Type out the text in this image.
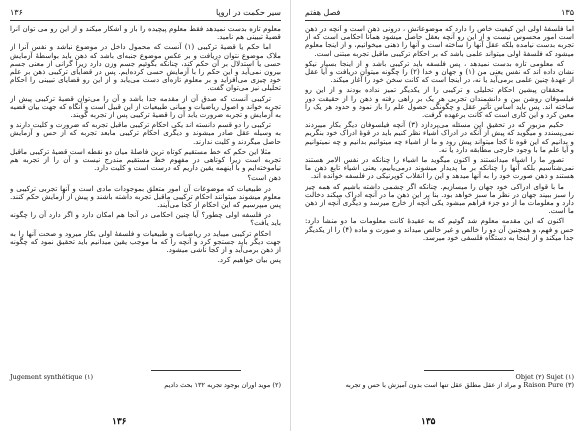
۱۳۶	سیر حکمت در اروپا

معلوم تازه بدست نمیدهد فقط معلوم پیچیده را باز و آشکار میکند و از این رو می توان آنرا قضیهٔ تبیینی هم نامید.

اما حکم یا قضیهٔ ترکیبی (۱) آنست که محمول داخل در موضوع نباشد و نفس آنرا از ملاک موضوع نتوان دریافت و بر عکس موضوع جنبه‌ای باشد که ذهن باید بواسطهٔ آزمایش حسی یا استدلال بر آن حکم کند، چنانکه بگوئیم جسم وزن دارد زیرا گرانی از معنی جسم بیرون نمی‌آید و این حکم را با آزمایش حسی کرده‌ایم. پس در قضایای ترکیبی ذهن بر علم خود چیزی می‌افزاید و بر معلوم تازه‌ای دست می‌یابد و از این رو قضایای تبیینی را احکام تحلیلی نیز می‌توان گفت.

ترکیبی آنست که صدق آن از مقدمه جدا باشد و آن را می‌توان قضیهٔ ترکیبی پیش از تجربه خواند و اصول ریاضیات و مبانی طبیعیات از این قبیل است و آنگاه که جهت بیان قضیه به آزمایش و تجربه ضرورت یابد آن را قضیهٔ ترکیبی پس از تجربه گویند.

ترکیبی را دو قسم دانسته اند یکی احکام ترکیبی ماقبل تجربه که ضرورت و کلیت دارند و به وسیله عقل صادر میشوند و دیگری احکام ترکیبی مابعد تجربه که از حس و آزمایش حاصل میگردند و کلیت ندارند.

مثلا این حکم که خط مستقیم کوتاه ترین فاصلهٔ میان دو نقطه است قضیهٔ ترکیبی ماقبل تجربه است زیرا کوتاهی در مفهوم خط مستقیم مندرج نیست و آن را از تجربه هم نیاموخته‌ایم و با اینهمه یقین داریم که درست است و کلیت دارد.

ذهن است؟

در طبیعیات که موضوعات آن امور متعلق بموجودات مادی است و آنها تجربی ترکیبی و معلوم میشوند میتوانند احکام ترکیبی ماقبل تجربه داشته باشند و پیش از آزمایش حکم کنند. پس میپرسیم که این احکام از کجا می‌آیند.

در فلسفه اولی چطور؟ آیا چنین احکامی در آنجا هم امکان دارد و اگر دارد آن را چگونه باید یافت؟

احکام ترکیبی میباید در ریاضیات و طبیعیات و فلسفهٔ اولی بکار میرود و صحت آنها را به جهت دیگر باید جستجو کرد و آنچه را که ما موجب یقین میدانیم باید تحقیق نمود که چگونه از ذهن برمی‌آید و از کجا ناشی میشود.

پس بیان خواهیم کرد.

Jugement synthétique (۱)
(۲) موید اوران بوجود تجربه ۱۳۲ بحث دادیم
۱۳۶
فصل هفتم	۱۳۵

اما فلسفهٔ اولی این کیفیت خاص را دارد که موضوعاتش ، درونی ذهن است و آنچه در ذهن است امور محسوس نیست و از این رو آنچه بعقل حاصل میشود همانا احکامی است که از تجربه بدست نیامده بلکه عقل آنها را ساخته است و آنها را ذهنی میخوانیم، و از اینجا معلوم میشود که فلسفهٔ اولی میتواند علمی باشد که بر احکام ترکیبی ماقبل تجربه مبتنی است.

که معلومی تازه بدست نمیدهد ، پس فلسفه باید ترکیبی باشد و از اینجا بسیار نیکو نشان داده اند که نفس یعنی من (۱) و جهان و خدا (۲) را چگونه میتوان دریافت و آیا عقل از عهدهٔ چنین علمی برمی‌آید یا نه، در اینجا است که کانت سخن خود را آغاز میکند.

محققان پیشین احکام تحلیلی و ترکیبی را از یکدیگر تمیز نداده بودند و از این رو فیلسوفان روشن بین و دانشمندان تجربی هر یک بر راهی رفته و ذهن را از حقیقت دور ساخته اند. پس باید اساس تأثیر عقل و چگونگی حصول علم را باز نمود و حدود هر یک را معین کرد و این کاری است که کانت برعهده گرفت.

حکیم مزبور که در تحقیق این مسئله می‌پردازد (۳) آنچه فیلسوفان دیگر بکار میبردند نمی‌پسندد و میگوید که پیش از آنکه در ادراک اشیاء نظر کنیم باید در قوهٔ ادراک خود بنگریم و بدانیم که این قوه تا کجا میتواند پیش رود و ما از اشیاء چه میتوانیم بدانیم و چه نمیتوانیم و آیا علم ما با وجود خارجی مطابقه دارد یا نه.

تصور ما را اشیاء میدانستند و اکنون میگوید ما اشیاء را چنانکه در نفس الامر هستند نمی‌شناسیم بلکه آنها را چنانکه بر ما پدیدار میشوند درمی‌یابیم، یعنی اشیاء تابع ذهن ما هستند و ذهن صورت خود را به آنها میدهد و این را انقلاب کوپرنیکی در فلسفه خوانده اند.

ما با قوای ادراکی خود جهان را میسازیم. چنانکه اگر چشمی داشته باشیم که همه چیز را سبز ببیند جهان در نظر ما سبز خواهد بود. بنا بر این ذهن ما در آنچه ادراک میکند دخالت دارد و معلومات ما از دو جزء فراهم میشود یکی آنچه از خارج میرسد و دیگری آنچه از ذهن ما است.

اکنون که این مقدمه معلوم شد گوئیم که به عقیدهٔ کانت معلومات ما دو منشأ دارد: حس و فهم، و همچنین آن دو را خالص و غیر خالص میداند و صورت و ماده (۴) را از یکدیگر جدا میکند و از اینجا به دستگاه فلسفی خود میرسد.

(۱) Objet (۲) Sujet
(۳) Raison Pure و مراد از عقل مطلق عقل تنها است بدون آمیزش با حس و تجربه
۱۳۵
